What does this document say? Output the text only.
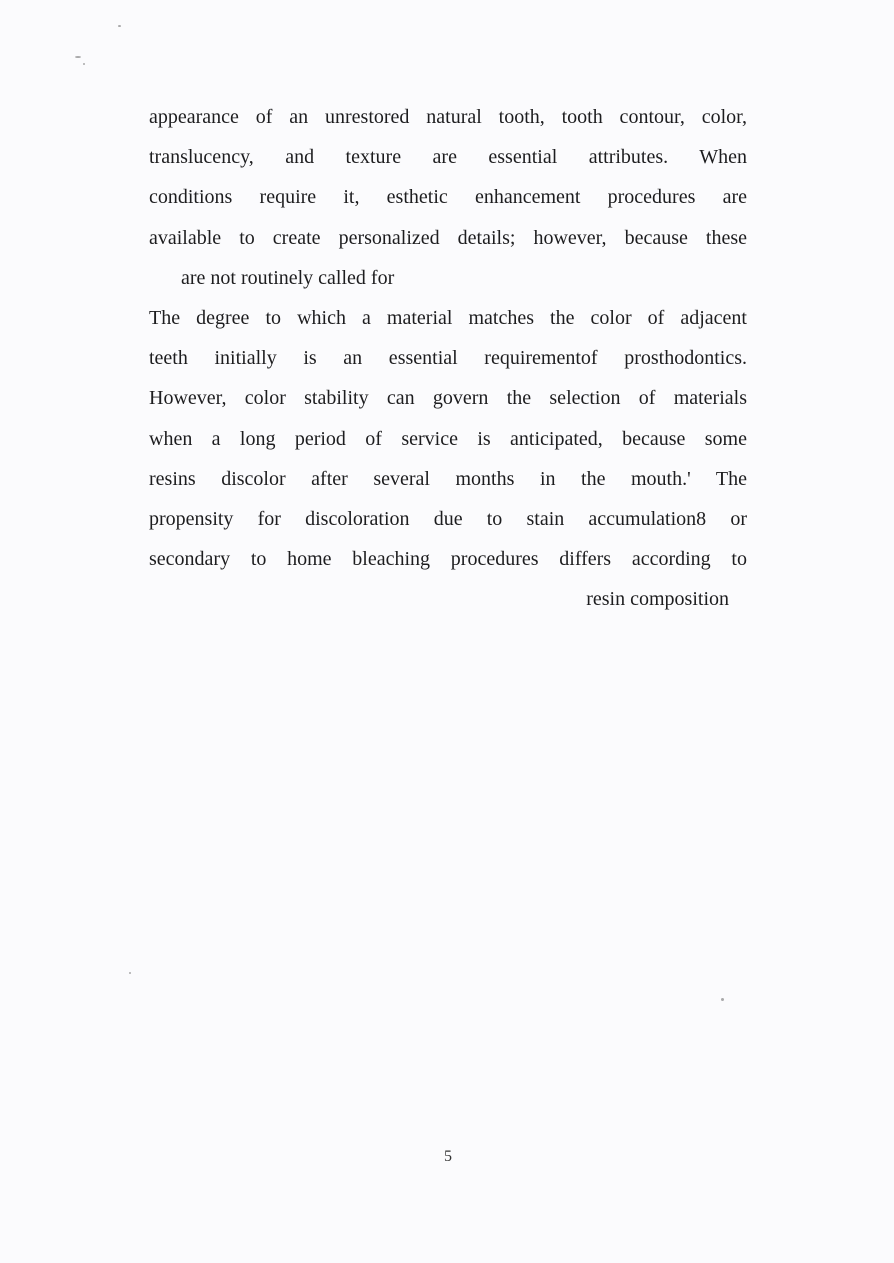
appearance of an unrestored natural tooth, tooth contour, color,
translucency, and texture are essential attributes. When
conditions require it, esthetic enhancement procedures are
available to create personalized details; however, because these
are not routinely called for
The degree to which a material matches the color of adjacent
teeth initially is an essential requirementof prosthodontics.
However, color stability can govern the selection of materials
when a long period of service is anticipated, because some
resins discolor after several months in the mouth.' The
propensity for discoloration due to stain accumulation8 or
secondary to home bleaching procedures differs according to
resin composition
5
